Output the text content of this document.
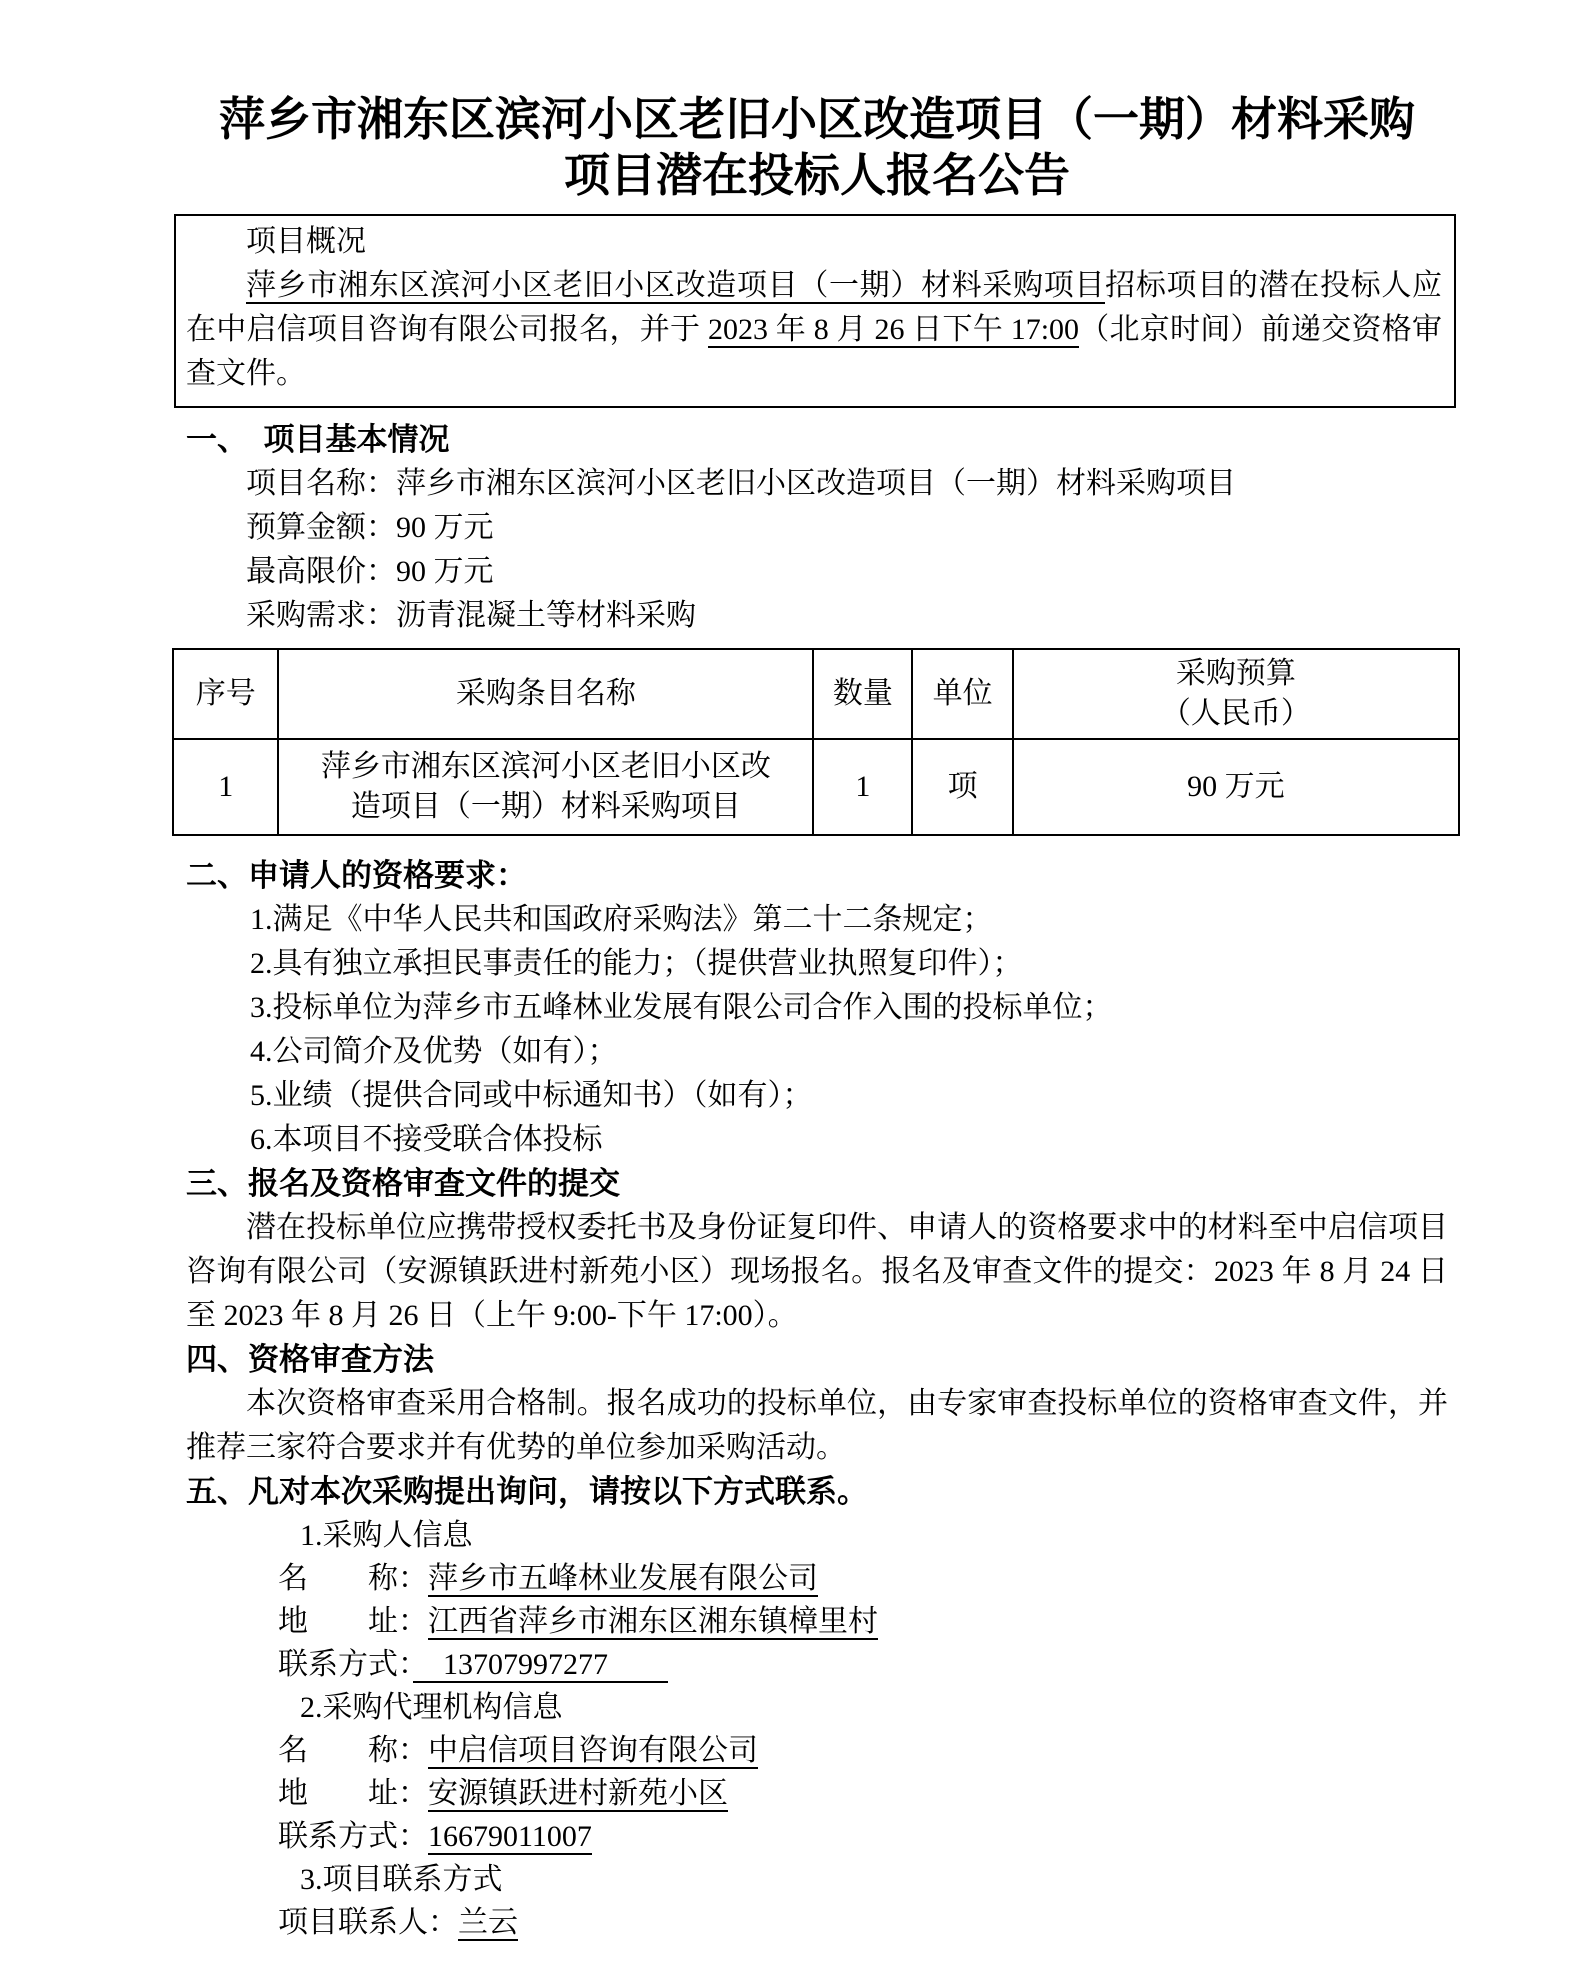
萍乡市湘东区滨河小区老旧小区改造项目（一期）材料采购
项目潜在投标人报名公告
项目概况
萍乡市湘东区滨河小区老旧小区改造项目（一期）材料采购项目招标项目的潜在投标人应在中启信项目咨询有限公司报名，并于 2023 年 8 月 26 日下午 17:00（北京时间）前递交资格审查文件。
一、　项目基本情况
项目名称：萍乡市湘东区滨河小区老旧小区改造项目（一期）材料采购项目
预算金额：90 万元
最高限价：90 万元
采购需求：沥青混凝土等材料采购
序号	采购条目名称	数量	单位	采购预算
（人民币）

1	萍乡市湘东区滨河小区老旧小区改造项目（一期）材料采购项目	1	项	90 万元
二、申请人的资格要求：
1.满足《中华人民共和国政府采购法》第二十二条规定；
2.具有独立承担民事责任的能力；（提供营业执照复印件）；
3.投标单位为萍乡市五峰林业发展有限公司合作入围的投标单位；
4.公司简介及优势（如有）；
5.业绩（提供合同或中标通知书）（如有）；
6.本项目不接受联合体投标
三、报名及资格审查文件的提交
潜在投标单位应携带授权委托书及身份证复印件、申请人的资格要求中的材料至中启信项目咨询有限公司（安源镇跃进村新苑小区）现场报名。报名及审查文件的提交：2023 年 8 月 24 日至 2023 年 8 月 26 日（上午 9:00-下午 17:00）。
四、资格审查方法
本次资格审查采用合格制。报名成功的投标单位，由专家审查投标单位的资格审查文件，并推荐三家符合要求并有优势的单位参加采购活动。
五、凡对本次采购提出询问，请按以下方式联系。
1.采购人信息
名　　称：萍乡市五峰林业发展有限公司
地　　址：江西省萍乡市湘东区湘东镇樟里村
联系方式：　13707997277　　
2.采购代理机构信息
名　　称：中启信项目咨询有限公司
地　　址：安源镇跃进村新苑小区
联系方式：16679011007
3.项目联系方式
项目联系人：兰云
